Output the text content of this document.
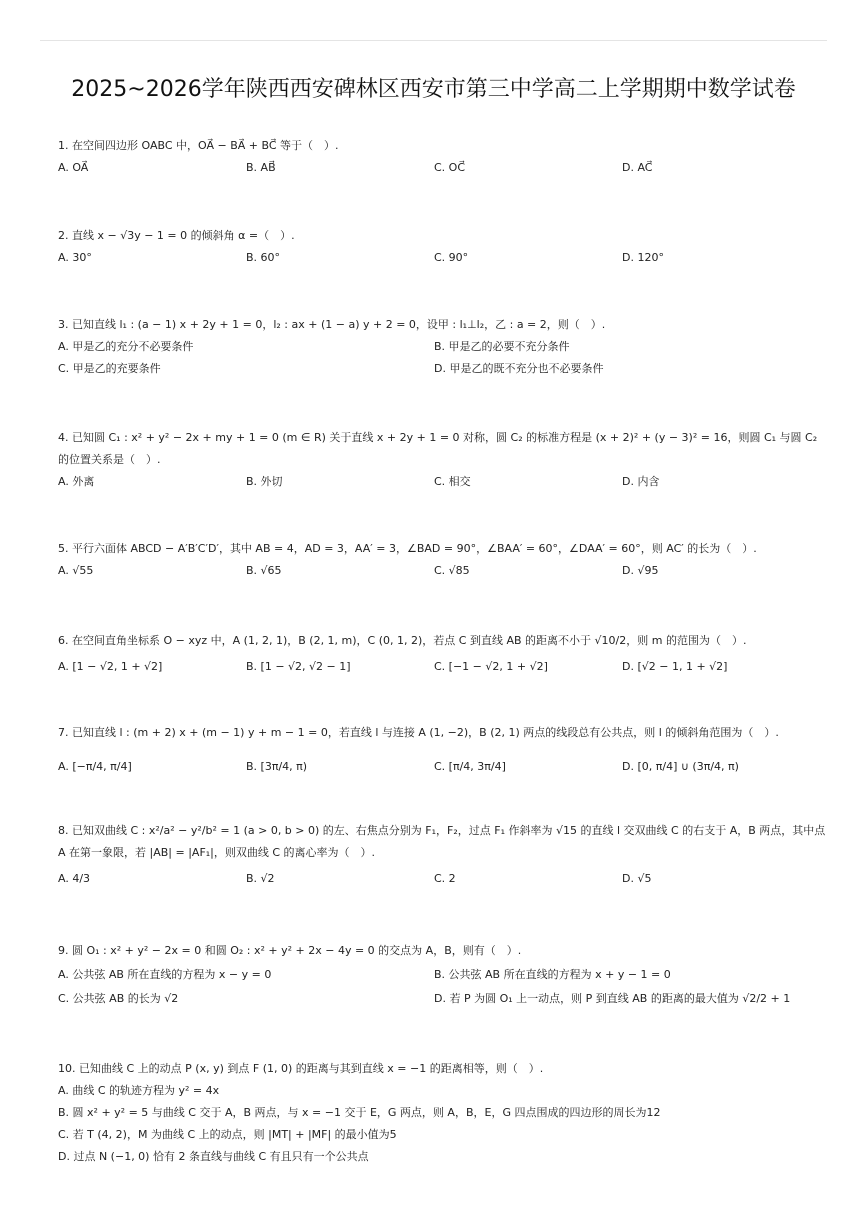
2025~2026学年陕西西安碑林区西安市第三中学高二上学期期中数学试卷
1. 在空间四边形 OABC 中，OA⃗ − BA⃗ + BC⃗ 等于（　）.
A. OA⃗	B. AB⃗	C. OC⃗	D. AC⃗
2. 直线 x − √3y − 1 = 0 的倾斜角 α =（　）.
A. 30°	B. 60°	C. 90°	D. 120°
3. 已知直线 l₁ : (a − 1) x + 2y + 1 = 0，l₂ : ax + (1 − a) y + 2 = 0，设甲 : l₁⊥l₂，乙 : a = 2，则（　）.
A. 甲是乙的充分不必要条件	B. 甲是乙的必要不充分条件
C. 甲是乙的充要条件	D. 甲是乙的既不充分也不必要条件
4. 已知圆 C₁ : x² + y² − 2x + my + 1 = 0 (m ∈ R) 关于直线 x + 2y + 1 = 0 对称，圆 C₂ 的标准方程是 (x + 2)² + (y − 3)² = 16，则圆 C₁ 与圆 C₂ 的位置关系是（　）.
A. 外离	B. 外切	C. 相交	D. 内含
5. 平行六面体 ABCD − A′B′C′D′，其中 AB = 4，AD = 3，AA′ = 3，∠BAD = 90°，∠BAA′ = 60°，∠DAA′ = 60°，则 AC′ 的长为（　）.
A. √55	B. √65	C. √85	D. √95
6. 在空间直角坐标系 O − xyz 中，A (1, 2, 1)，B (2, 1, m)，C (0, 1, 2)，若点 C 到直线 AB 的距离不小于 √10/2，则 m 的范围为（　）.
A. [1 − √2, 1 + √2]	B. [1 − √2, √2 − 1]	C. [−1 − √2, 1 + √2]	D. [√2 − 1, 1 + √2]
7. 已知直线 l : (m + 2) x + (m − 1) y + m − 1 = 0，若直线 l 与连接 A (1, −2)，B (2, 1) 两点的线段总有公共点，则 l 的倾斜角范围为（　）.
A. [−π/4, π/4]	B. [3π/4, π)	C. [π/4, 3π/4]	D. [0, π/4] ∪ (3π/4, π)
8. 已知双曲线 C : x²/a² − y²/b² = 1 (a > 0, b > 0) 的左、右焦点分别为 F₁，F₂，过点 F₁ 作斜率为 √15 的直线 l 交双曲线 C 的右支于 A，B 两点，其中点 A 在第一象限，若 |AB| = |AF₁|，则双曲线 C 的离心率为（　）.
A. 4/3	B. √2	C. 2	D. √5
9. 圆 O₁ : x² + y² − 2x = 0 和圆 O₂ : x² + y² + 2x − 4y = 0 的交点为 A，B，则有（　）.
A. 公共弦 AB 所在直线的方程为 x − y = 0	B. 公共弦 AB 所在直线的方程为 x + y − 1 = 0
C. 公共弦 AB 的长为 √2	D. 若 P 为圆 O₁ 上一动点，则 P 到直线 AB 的距离的最大值为 √2/2 + 1
10. 已知曲线 C 上的动点 P (x, y) 到点 F (1, 0) 的距离与其到直线 x = −1 的距离相等，则（　）.
A. 曲线 C 的轨迹方程为 y² = 4x
B. 圆 x² + y² = 5 与曲线 C 交于 A，B 两点，与 x = −1 交于 E，G 两点，则 A，B，E，G 四点围成的四边形的周长为12
C. 若 T (4, 2)，M 为曲线 C 上的动点，则 |MT| + |MF| 的最小值为5
D. 过点 N (−1, 0) 恰有 2 条直线与曲线 C 有且只有一个公共点
